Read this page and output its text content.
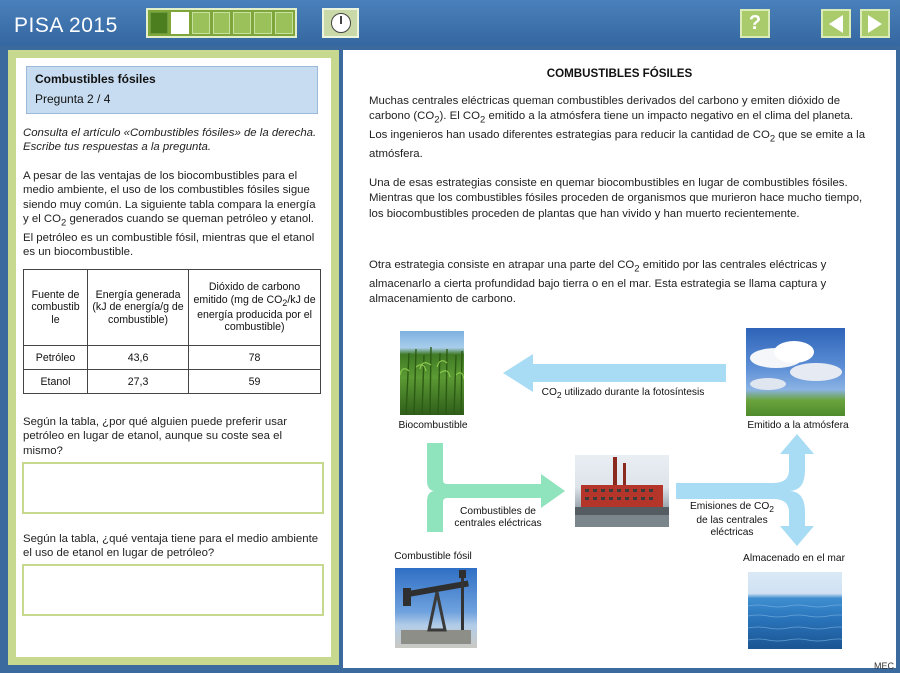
PISA 2015	?
Combustibles fósiles
Pregunta 2 / 4
Consulta el artículo «Combustibles fósiles» de la derecha. Escribe tus respuestas a la pregunta.
A pesar de las ventajas de los biocombustibles para el medio ambiente, el uso de los combustibles fósiles sigue siendo muy común. La siguiente tabla compara la energía y el $CO_2$ generados cuando se queman petróleo y etanol. El petróleo es un combustible fósil, mientras que el etanol es un biocombustible.
Fuente de combustib le	Energía generada (kJ de energía/g de combustible)	Dióxido de carbono emitido (mg de $CO_2/kJ$ de energía producida por el combustible)
Petróleo	43,6	78
Etanol	27,3	59
Según la tabla, ¿por qué alguien puede preferir usar petróleo en lugar de etanol, aunque su coste sea el mismo?
Según la tabla, ¿qué ventaja tiene para el medio ambiente el uso de etanol en lugar de petróleo?
COMBUSTIBLES FÓSILES
Muchas centrales eléctricas queman combustibles derivados del carbono y emiten dióxido de carbono $(CO_2)$. El $CO_2$ emitido a la atmósfera tiene un impacto negativo en el clima del planeta. Los ingenieros han usado diferentes estrategias para reducir la cantidad de $CO_2$ que se emite a la atmósfera.
Una de esas estrategias consiste en quemar biocombustibles en lugar de combustibles fósiles. Mientras que los combustibles fósiles proceden de organismos que murieron hace mucho tiempo, los biocombustibles proceden de plantas que han vivido y han muerto recientemente.
Otra estrategia consiste en atrapar una parte del $CO_2$ emitido por las centrales eléctricas y almacenarlo a cierta profundidad bajo tierra o en el mar. Esta estrategia se llama captura y almacenamiento de carbono.
Biocombustible	Emitido a la atmósfera
$CO_2$ utilizado durante la fotosíntesis
Combustibles de centrales eléctricas
Emisiones de $CO_2$ de las centrales eléctricas
Combustible fósil	Almacenado en el mar
MEC
